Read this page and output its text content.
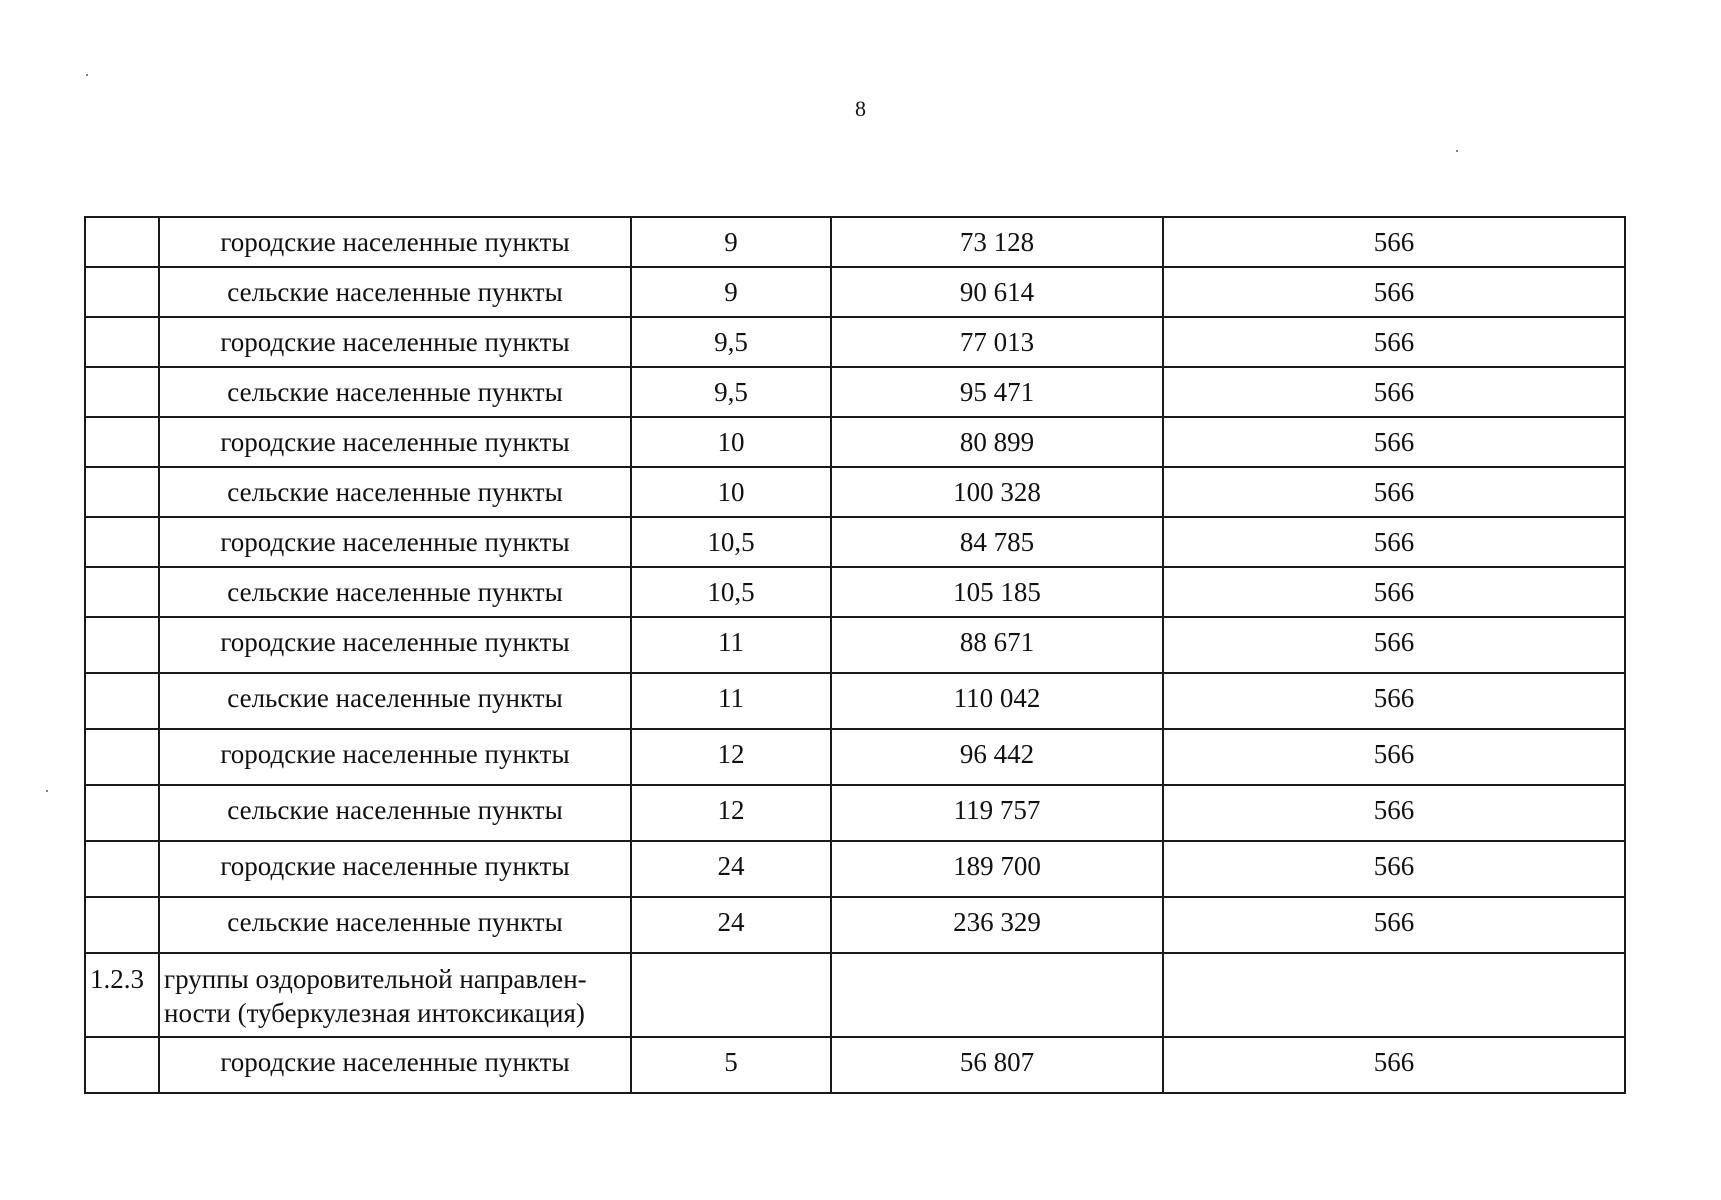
8
	городские населенные пункты	9	73 128	566
	сельские населенные пункты	9	90 614	566
	городские населенные пункты	9,5	77 013	566
	сельские населенные пункты	9,5	95 471	566
	городские населенные пункты	10	80 899	566
	сельские населенные пункты	10	100 328	566
	городские населенные пункты	10,5	84 785	566
	сельские населенные пункты	10,5	105 185	566
	городские населенные пункты	11	88 671	566
	сельские населенные пункты	11	110 042	566
	городские населенные пункты	12	96 442	566
	сельские населенные пункты	12	119 757	566
	городские населенные пункты	24	189 700	566
	сельские населенные пункты	24	236 329	566
1.2.3	группы оздоровительной направлен-ности (туберкулезная интоксикация)			
	городские населенные пункты	5	56 807	566
